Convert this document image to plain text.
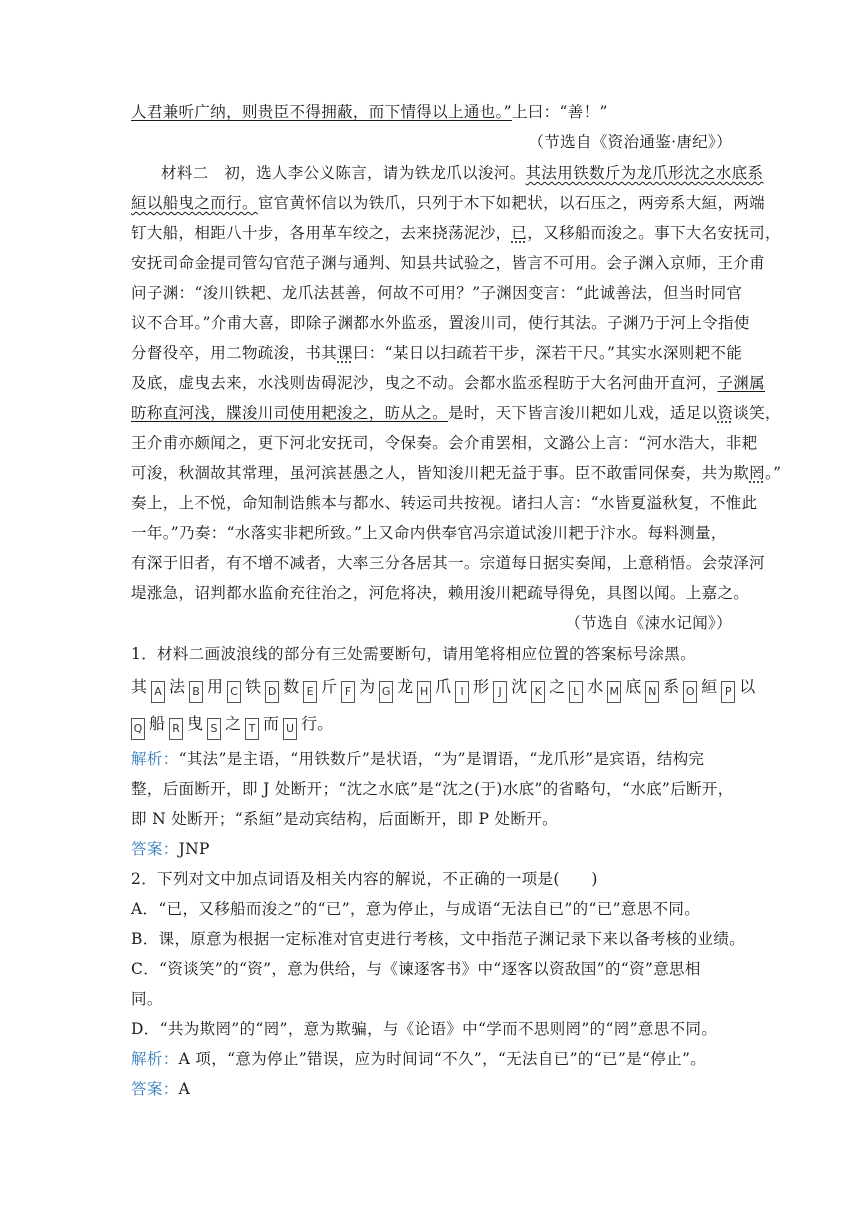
人君兼听广纳，则贵臣不得拥蔽，而下情得以上通也。”上曰：“善！”
（节选自《资治通鉴·唐纪》）
材料二　初，选人李公义陈言，请为铁龙爪以浚河。其法用铁数斤为龙爪形沈之水底系
絙以船曳之而行。宦官黄怀信以为铁爪，只列于木下如耙状，以石压之，两旁系大絙，两端
钉大船，相距八十步，各用革车绞之，去来挠荡泥沙，已，又移船而浚之。事下大名安抚司，
安抚司命金提司管勾官范子渊与通判、知县共试验之，皆言不可用。会子渊入京师，王介甫
问子渊：“浚川铁耙、龙爪法甚善，何故不可用？”子渊因变言：“此诚善法，但当时同官
议不合耳。”介甫大喜，即除子渊都水外监丞，置浚川司，使行其法。子渊乃于河上令指使
分督役卒，用二物疏浚，书其课曰：“某日以扫疏若干步，深若干尺。”其实水深则耙不能
及底，虚曳去来，水浅则齿碍泥沙，曳之不动。会都水监丞程昉于大名河曲开直河，子渊属
昉称直河浅，牒浚川司使用耙浚之，昉从之。是时，天下皆言浚川耙如儿戏，适足以资谈笑，
王介甫亦颇闻之，更下河北安抚司，令保奏。会介甫罢相，文潞公上言：“河水浩大，非耙
可浚，秋涸故其常理，虽河滨甚愚之人，皆知浚川耙无益于事。臣不敢雷同保奏，共为欺罔。”
奏上，上不悦，命知制诰熊本与都水、转运司共按视。诸扫人言：“水皆夏溢秋复，不惟此
一年。”乃奏：“水落实非耙所致。”上又命内供奉官冯宗道试浚川耙于汴水。每料测量，
有深于旧者，有不增不减者，大率三分各居其一。宗道每日据实奏闻，上意稍悟。会荥泽河
堤涨急，诏判都水监俞充往治之，河危将决，赖用浚川耙疏导得免，具图以闻。上嘉之。
（节选自《涑水记闻》）
1．材料二画波浪线的部分有三处需要断句，请用笔将相应位置的答案标号涂黑。
其 A 法 B 用 C 铁 D 数 E 斤 F 为 G 龙 H 爪 I 形 J 沈 K 之 L 水 M 底 N 系 O 絙 P 以
Q 船 R 曳 S 之 T 而 U 行。
解析：“其法”是主语，“用铁数斤”是状语，“为”是谓语，“龙爪形”是宾语，结构完
整，后面断开，即 J 处断开；“沈之水底”是“沈之(于)水底”的省略句，“水底”后断开，
即 N 处断开；“系絙”是动宾结构，后面断开，即 P 处断开。
答案：JNP
2．下列对文中加点词语及相关内容的解说，不正确的一项是(　　)
A．“已，又移船而浚之”的“已”，意为停止，与成语“无法自已”的“已”意思不同。
B．课，原意为根据一定标准对官吏进行考核，文中指范子渊记录下来以备考核的业绩。
C．“资谈笑”的“资”，意为供给，与《谏逐客书》中“逐客以资敌国”的“资”意思相
同。
D．“共为欺罔”的“罔”，意为欺骗，与《论语》中“学而不思则罔”的“罔”意思不同。
解析：A 项，“意为停止”错误，应为时间词“不久”，“无法自已”的“已”是“停止”。
答案：A
